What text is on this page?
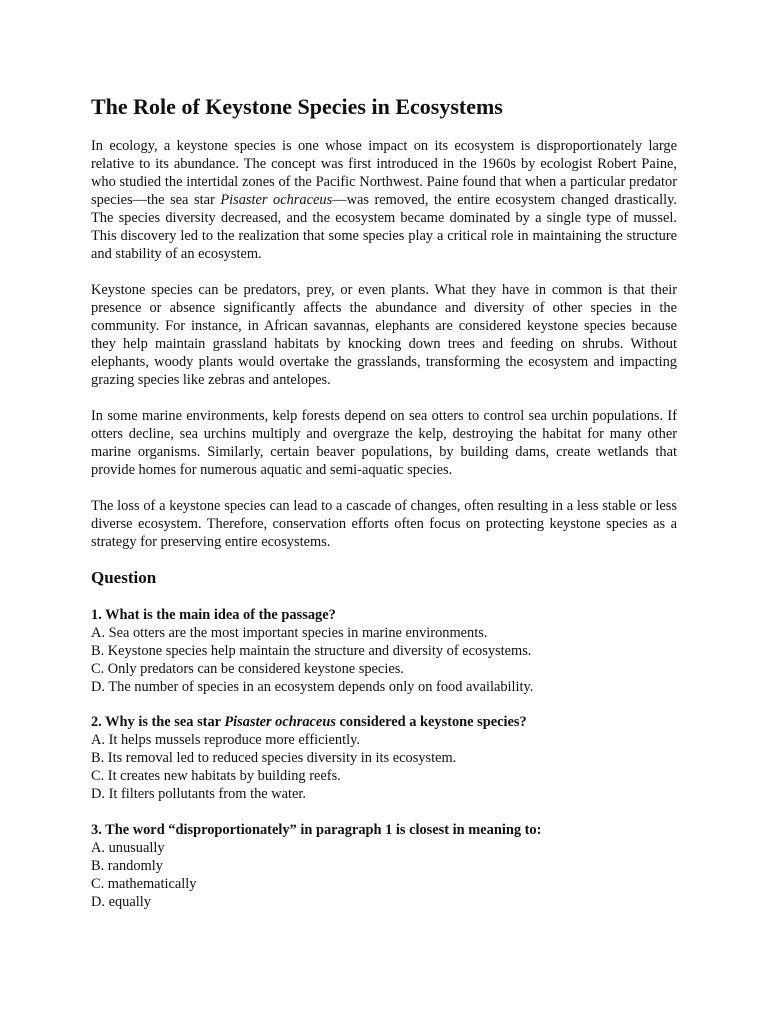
The Role of Keystone Species in Ecosystems

In ecology, a keystone species is one whose impact on its ecosystem is disproportionately large relative to its abundance. The concept was first introduced in the 1960s by ecologist Robert Paine, who studied the intertidal zones of the Pacific Northwest. Paine found that when a particular predator species—the sea star Pisaster ochraceus—was removed, the entire ecosystem changed drastically. The species diversity decreased, and the ecosystem became dominated by a single type of mussel. This discovery led to the realization that some species play a critical role in maintaining the structure and stability of an ecosystem.

Keystone species can be predators, prey, or even plants. What they have in common is that their presence or absence significantly affects the abundance and diversity of other species in the community. For instance, in African savannas, elephants are considered keystone species because they help maintain grassland habitats by knocking down trees and feeding on shrubs. Without elephants, woody plants would overtake the grasslands, transforming the ecosystem and impacting grazing species like zebras and antelopes.

In some marine environments, kelp forests depend on sea otters to control sea urchin populations. If otters decline, sea urchins multiply and overgraze the kelp, destroying the habitat for many other marine organisms. Similarly, certain beaver populations, by building dams, create wetlands that provide homes for numerous aquatic and semi-aquatic species.

The loss of a keystone species can lead to a cascade of changes, often resulting in a less stable or less diverse ecosystem. Therefore, conservation efforts often focus on protecting keystone species as a strategy for preserving entire ecosystems.

Question
1. What is the main idea of the passage?
A. Sea otters are the most important species in marine environments.
B. Keystone species help maintain the structure and diversity of ecosystems.
C. Only predators can be considered keystone species.
D. The number of species in an ecosystem depends only on food availability.
2. Why is the sea star Pisaster ochraceus considered a keystone species?
A. It helps mussels reproduce more efficiently.
B. Its removal led to reduced species diversity in its ecosystem.
C. It creates new habitats by building reefs.
D. It filters pollutants from the water.
3. The word “disproportionately” in paragraph 1 is closest in meaning to:
A. unusually
B. randomly
C. mathematically
D. equally
